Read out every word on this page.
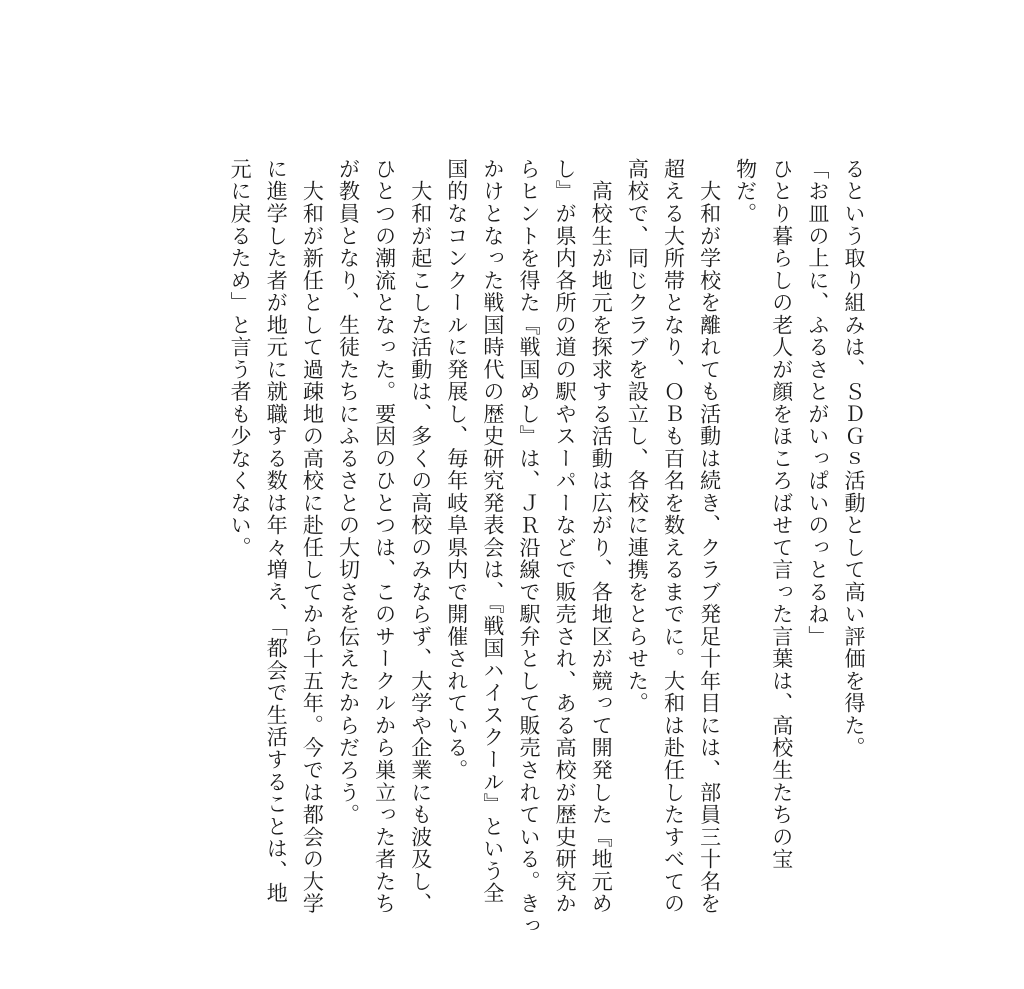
るという取り組みは、ＳＤＧｓ活動として高い評価を得た。
「お皿の上に、ふるさとがいっぱいのっとるね」
ひとり暮らしの老人が顔をほころばせて言った言葉は、高校生たちの宝
物だ。
　大和が学校を離れても活動は続き、クラブ発足十年目には、部員三十名を
超える大所帯となり、ＯＢも百名を数えるまでに。大和は赴任したすべての
高校で、同じクラブを設立し、各校に連携をとらせた。
　高校生が地元を探求する活動は広がり、各地区が競って開発した『地元め
し』が県内各所の道の駅やスーパーなどで販売され、ある高校が歴史研究か
らヒントを得た『戦国めし』は、ＪＲ沿線で駅弁として販売されている。きっ
かけとなった戦国時代の歴史研究発表会は、『戦国ハイスクール』という全
国的なコンクールに発展し、毎年岐阜県内で開催されている。
　大和が起こした活動は、多くの高校のみならず、大学や企業にも波及し、
ひとつの潮流となった。要因のひとつは、このサークルから巣立った者たち
が教員となり、生徒たちにふるさとの大切さを伝えたからだろう。
　大和が新任として過疎地の高校に赴任してから十五年。今では都会の大学
に進学した者が地元に就職する数は年々増え、「都会で生活することは、地
元に戻るため」と言う者も少なくない。
